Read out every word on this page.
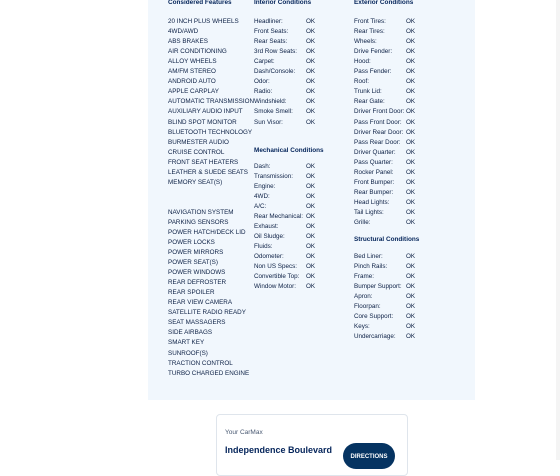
Considered Features
20 INCH PLUS WHEELS
4WD/AWD
ABS BRAKES
AIR CONDITIONING
ALLOY WHEELS
AM/FM STEREO
ANDROID AUTO
APPLE CARPLAY
AUTOMATIC TRANSMISSION
AUXILIARY AUDIO INPUT
BLIND SPOT MONITOR
BLUETOOTH TECHNOLOGY
BURMESTER AUDIO
CRUISE CONTROL
FRONT SEAT HEATERS
LEATHER & SUEDE SEATS
MEMORY SEAT(S)
NAVIGATION SYSTEM
PARKING SENSORS
POWER HATCH/DECK LID
POWER LOCKS
POWER MIRRORS
POWER SEAT(S)
POWER WINDOWS
REAR DEFROSTER
REAR SPOILER
REAR VIEW CAMERA
SATELLITE RADIO READY
SEAT MASSAGERS
SIDE AIRBAGS
SMART KEY
SUNROOF(S)
TRACTION CONTROL
TURBO CHARGED ENGINE
Interior Conditions
Headliner:	OK
Front Seats:	OK
Rear Seats:	OK
3rd Row Seats: OK
Carpet:	OK
Dash/Console: OK
Odor:	OK
Radio:	OK
Windshield:	OK
Smoke Smell: OK
Sun Visor:	OK
Mechanical Conditions
Dash:	OK
Transmission: OK
Engine:	OK
4WD:	OK
A/C:	OK
Rear Mechanical: OK
Exhaust:	OK
Oil Sludge:	OK
Fluids:	OK
Odometer:	OK
Non US Specs: OK
Convertible Top: OK
Window Motor: OK
Exterior Conditions
Front Tires:	OK
Rear Tires:	OK
Wheels:	OK
Drive Fender: OK
Hood:	OK
Pass Fender: OK
Roof:	OK
Trunk Lid:	OK
Rear Gate:	OK
Driver Front Door: OK
Pass Front Door: OK
Driver Rear Door: OK
Pass Rear Door: OK
Driver Quarter: OK
Pass Quarter: OK
Rocker Panel: OK
Front Bumper: OK
Rear Bumper: OK
Head Lights:	OK
Tail Lights:	OK
Grille:	OK
Structural Conditions
Bed Liner:	OK
Pinch Rails:	OK
Frame:	OK
Bumper Support: OK
Apron:	OK
Floorpan:	OK
Core Support: OK
Keys:	OK
Undercarriage: OK
Your CarMax
Independence Boulevard
DIRECTIONS
